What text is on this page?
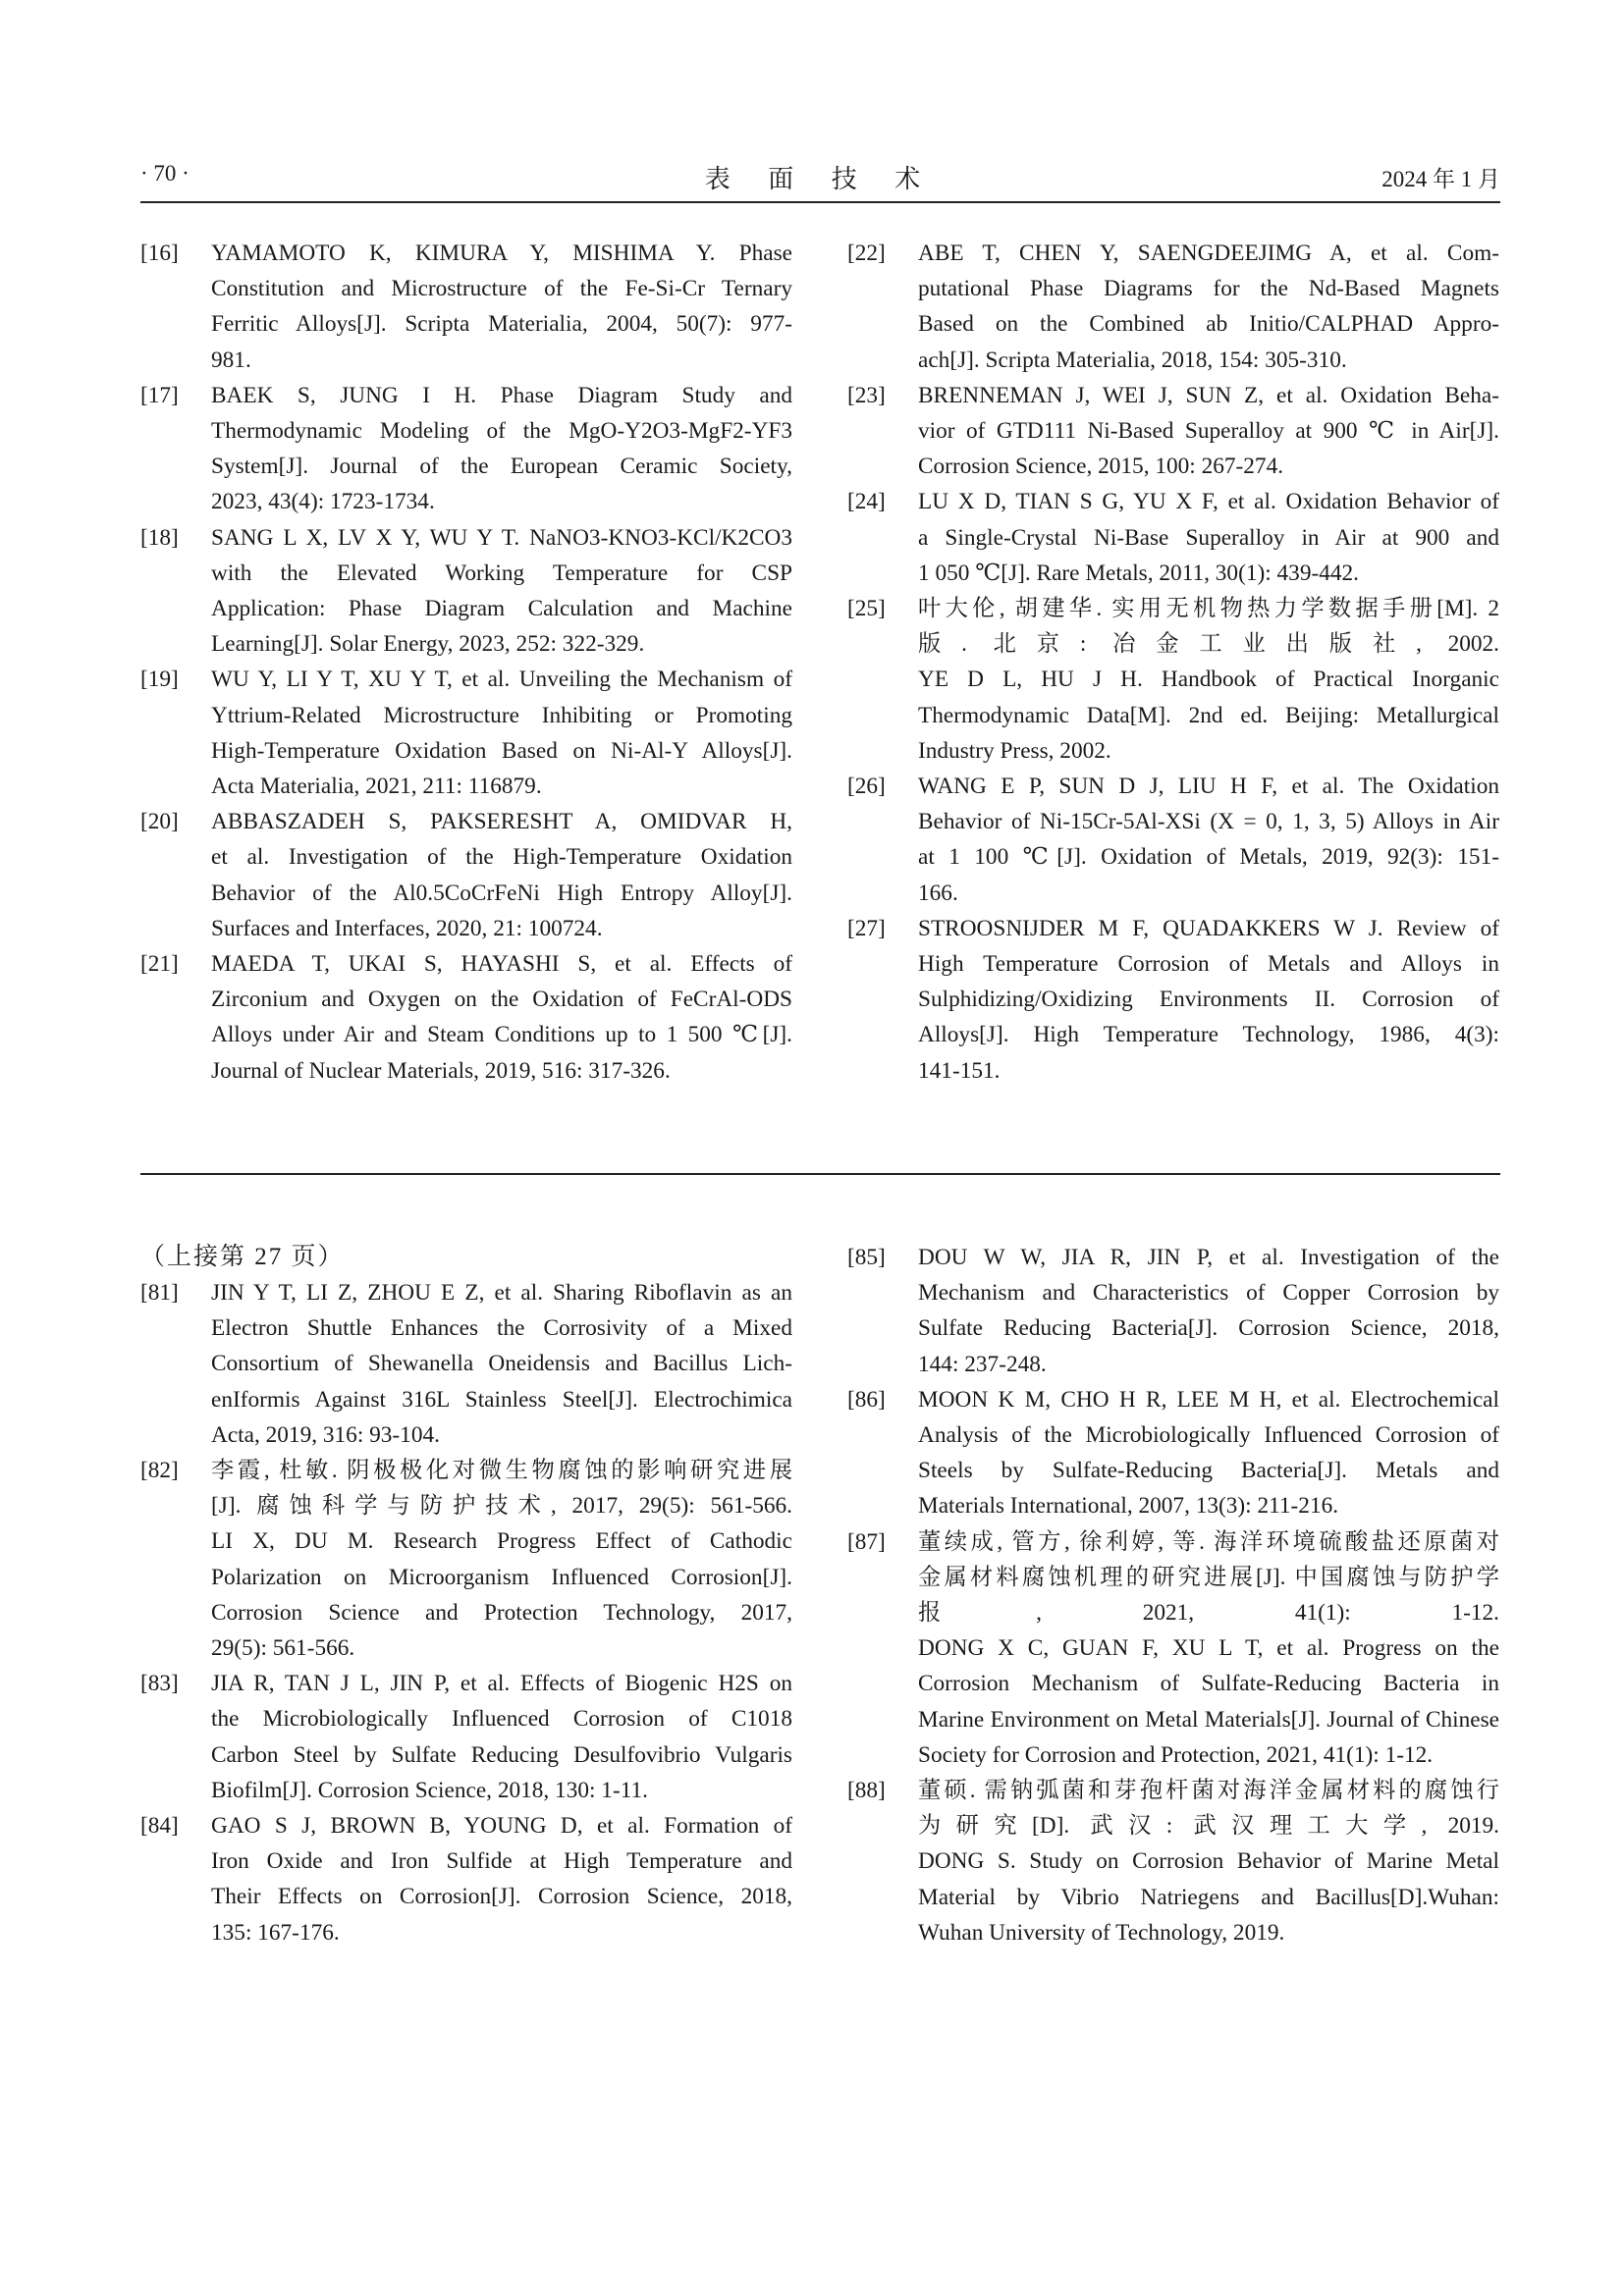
· 70 ·	表 面 技 术	2024 年 1 月
[16] YAMAMOTO K, KIMURA Y, MISHIMA Y. Phase
Constitution and Microstructure of the Fe-Si-Cr Ternary
Ferritic Alloys[J]. Scripta Materialia, 2004, 50(7): 977-
981.
[17] BAEK S, JUNG I H. Phase Diagram Study and
Thermodynamic Modeling of the MgO-Y2O3-MgF2-YF3
System[J]. Journal of the European Ceramic Society,
2023, 43(4): 1723-1734.
[18] SANG L X, LV X Y, WU Y T. NaNO3-KNO3-KCl/K2CO3
with the Elevated Working Temperature for CSP
Application: Phase Diagram Calculation and Machine
Learning[J]. Solar Energy, 2023, 252: 322-329.
[19] WU Y, LI Y T, XU Y T, et al. Unveiling the Mechanism of
Yttrium-Related Microstructure Inhibiting or Promoting
High-Temperature Oxidation Based on Ni-Al-Y Alloys[J].
Acta Materialia, 2021, 211: 116879.
[20] ABBASZADEH S, PAKSERESHT A, OMIDVAR H,
et al. Investigation of the High-Temperature Oxidation
Behavior of the Al0.5CoCrFeNi High Entropy Alloy[J].
Surfaces and Interfaces, 2020, 21: 100724.
[21] MAEDA T, UKAI S, HAYASHI S, et al. Effects of
Zirconium and Oxygen on the Oxidation of FeCrAl-ODS
Alloys under Air and Steam Conditions up to 1 500 ℃[J].
Journal of Nuclear Materials, 2019, 516: 317-326.
[22] ABE T, CHEN Y, SAENGDEEJIMG A, et al. Com-
putational Phase Diagrams for the Nd-Based Magnets
Based on the Combined ab Initio/CALPHAD Appro-
ach[J]. Scripta Materialia, 2018, 154: 305-310.
[23] BRENNEMAN J, WEI J, SUN Z, et al. Oxidation Beha-
vior of GTD111 Ni-Based Superalloy at 900 ℃ in Air[J].
Corrosion Science, 2015, 100: 267-274.
[24] LU X D, TIAN S G, YU X F, et al. Oxidation Behavior of
a Single-Crystal Ni-Base Superalloy in Air at 900 and
1 050 ℃[J]. Rare Metals, 2011, 30(1): 439-442.
[25] 叶大伦, 胡建华. 实用无机物热力学数据手册[M]. 2
版. 北京: 冶金工业出版社, 2002.
YE D L, HU J H. Handbook of Practical Inorganic
Thermodynamic Data[M]. 2nd ed. Beijing: Metallurgical
Industry Press, 2002.
[26] WANG E P, SUN D J, LIU H F, et al. The Oxidation
Behavior of Ni-15Cr-5Al-XSi (X = 0, 1, 3, 5) Alloys in Air
at 1 100 ℃[J]. Oxidation of Metals, 2019, 92(3): 151-
166.
[27] STROOSNIJDER M F, QUADAKKERS W J. Review of
High Temperature Corrosion of Metals and Alloys in
Sulphidizing/Oxidizing Environments II. Corrosion of
Alloys[J]. High Temperature Technology, 1986, 4(3):
141-151.
（上接第 27 页）
[81] JIN Y T, LI Z, ZHOU E Z, et al. Sharing Riboflavin as an
Electron Shuttle Enhances the Corrosivity of a Mixed
Consortium of Shewanella Oneidensis and Bacillus Lich-
enIformis Against 316L Stainless Steel[J]. Electrochimica
Acta, 2019, 316: 93-104.
[82] 李霞, 杜敏. 阴极极化对微生物腐蚀的影响研究进展
[J]. 腐蚀科学与防护技术, 2017, 29(5): 561-566.
LI X, DU M. Research Progress Effect of Cathodic
Polarization on Microorganism Influenced Corrosion[J].
Corrosion Science and Protection Technology, 2017,
29(5): 561-566.
[83] JIA R, TAN J L, JIN P, et al. Effects of Biogenic H2S on
the Microbiologically Influenced Corrosion of C1018
Carbon Steel by Sulfate Reducing Desulfovibrio Vulgaris
Biofilm[J]. Corrosion Science, 2018, 130: 1-11.
[84] GAO S J, BROWN B, YOUNG D, et al. Formation of
Iron Oxide and Iron Sulfide at High Temperature and
Their Effects on Corrosion[J]. Corrosion Science, 2018,
135: 167-176.
[85] DOU W W, JIA R, JIN P, et al. Investigation of the
Mechanism and Characteristics of Copper Corrosion by
Sulfate Reducing Bacteria[J]. Corrosion Science, 2018,
144: 237-248.
[86] MOON K M, CHO H R, LEE M H, et al. Electrochemical
Analysis of the Microbiologically Influenced Corrosion of
Steels by Sulfate-Reducing Bacteria[J]. Metals and
Materials International, 2007, 13(3): 211-216.
[87] 董续成, 管方, 徐利婷, 等. 海洋环境硫酸盐还原菌对
金属材料腐蚀机理的研究进展[J]. 中国腐蚀与防护学
报, 2021, 41(1): 1-12.
DONG X C, GUAN F, XU L T, et al. Progress on the
Corrosion Mechanism of Sulfate-Reducing Bacteria in
Marine Environment on Metal Materials[J]. Journal of Chinese
Society for Corrosion and Protection, 2021, 41(1): 1-12.
[88] 董硕. 需钠弧菌和芽孢杆菌对海洋金属材料的腐蚀行
为研究[D]. 武汉: 武汉理工大学, 2019.
DONG S. Study on Corrosion Behavior of Marine Metal
Material by Vibrio Natriegens and Bacillus[D].Wuhan:
Wuhan University of Technology, 2019.
